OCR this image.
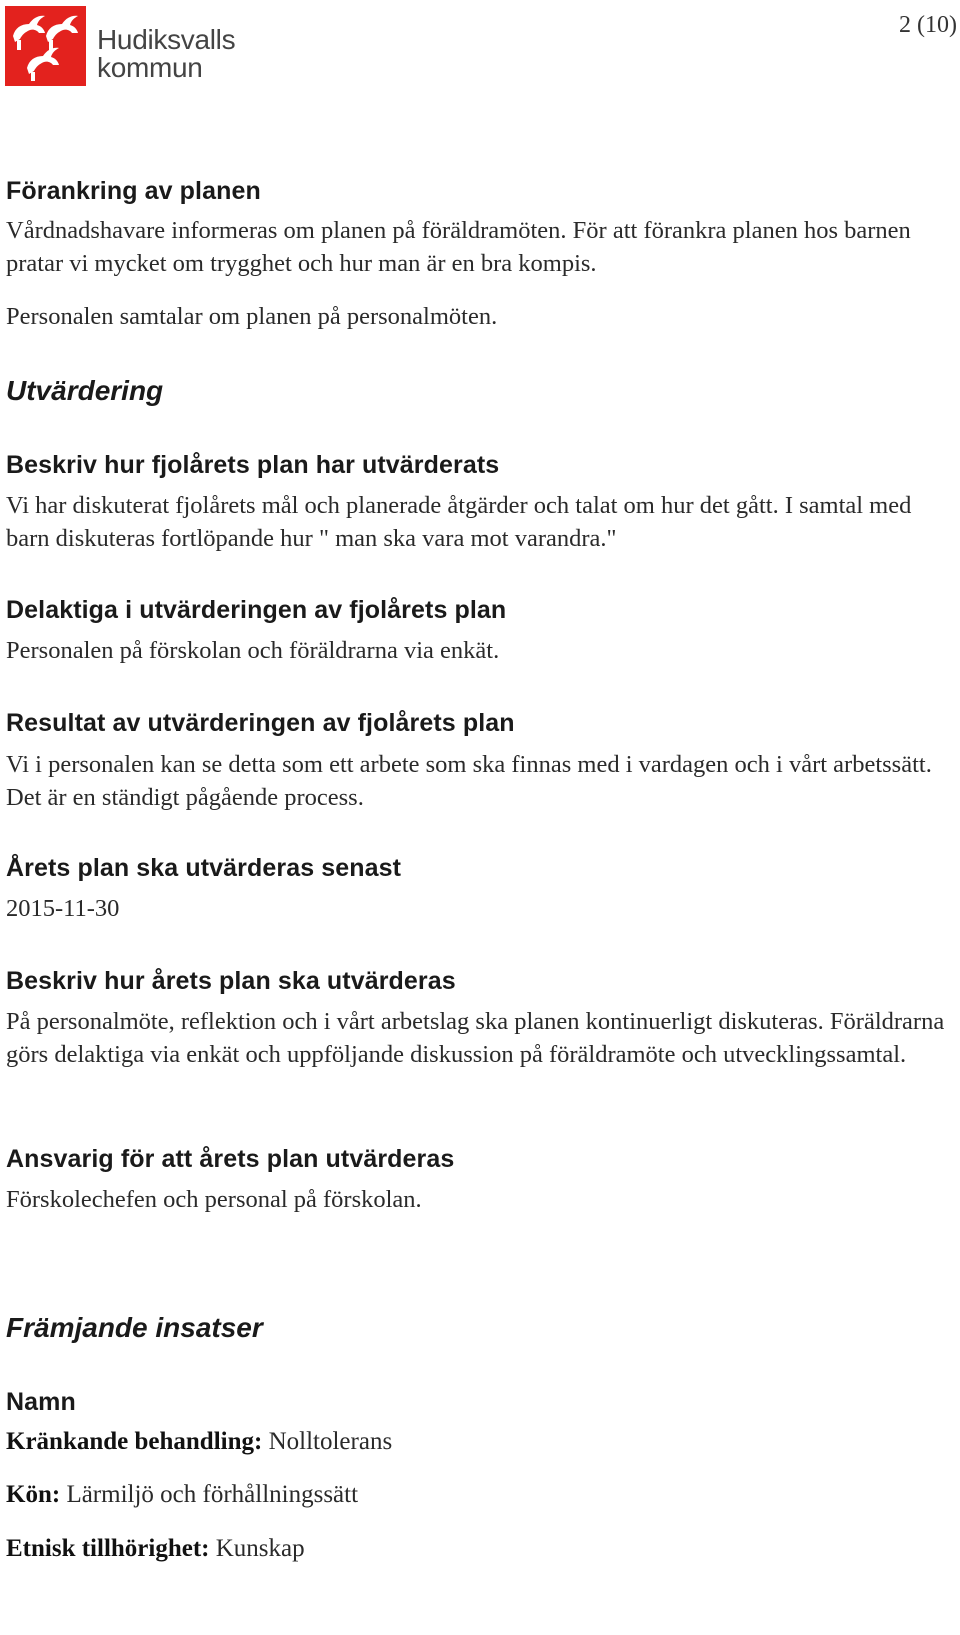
Hudiksvalls
kommun
2 (10)
Förankring av planen

Vårdnadshavare informeras om planen på föräldramöten. För att förankra planen hos barnen pratar vi mycket om trygghet och hur man är en bra kompis.

Personalen samtalar om planen på personalmöten.

Utvärdering
Beskriv hur fjolårets plan har utvärderats

Vi har diskuterat fjolårets mål och planerade åtgärder och talat om hur det gått. I samtal med barn diskuteras fortlöpande hur " man ska vara mot varandra."

Delaktiga i utvärderingen av fjolårets plan

Personalen på förskolan och föräldrarna via enkät.

Resultat av utvärderingen av fjolårets plan

Vi i personalen kan se detta som ett arbete som ska finnas med i vardagen och i vårt arbetssätt. Det är en ständigt pågående process.

Årets plan ska utvärderas senast

2015-11-30

Beskriv hur årets plan ska utvärderas

På personalmöte, reflektion och i vårt arbetslag ska planen kontinuerligt diskuteras. Föräldrarna görs delaktiga via enkät och uppföljande diskussion på föräldramöte och utvecklingssamtal.

Ansvarig för att årets plan utvärderas

Förskolechefen och personal på förskolan.

Främjande insatser
Namn
Kränkande behandling: Nolltolerans
Kön: Lärmiljö och förhållningssätt
Etnisk tillhörighet: Kunskap
